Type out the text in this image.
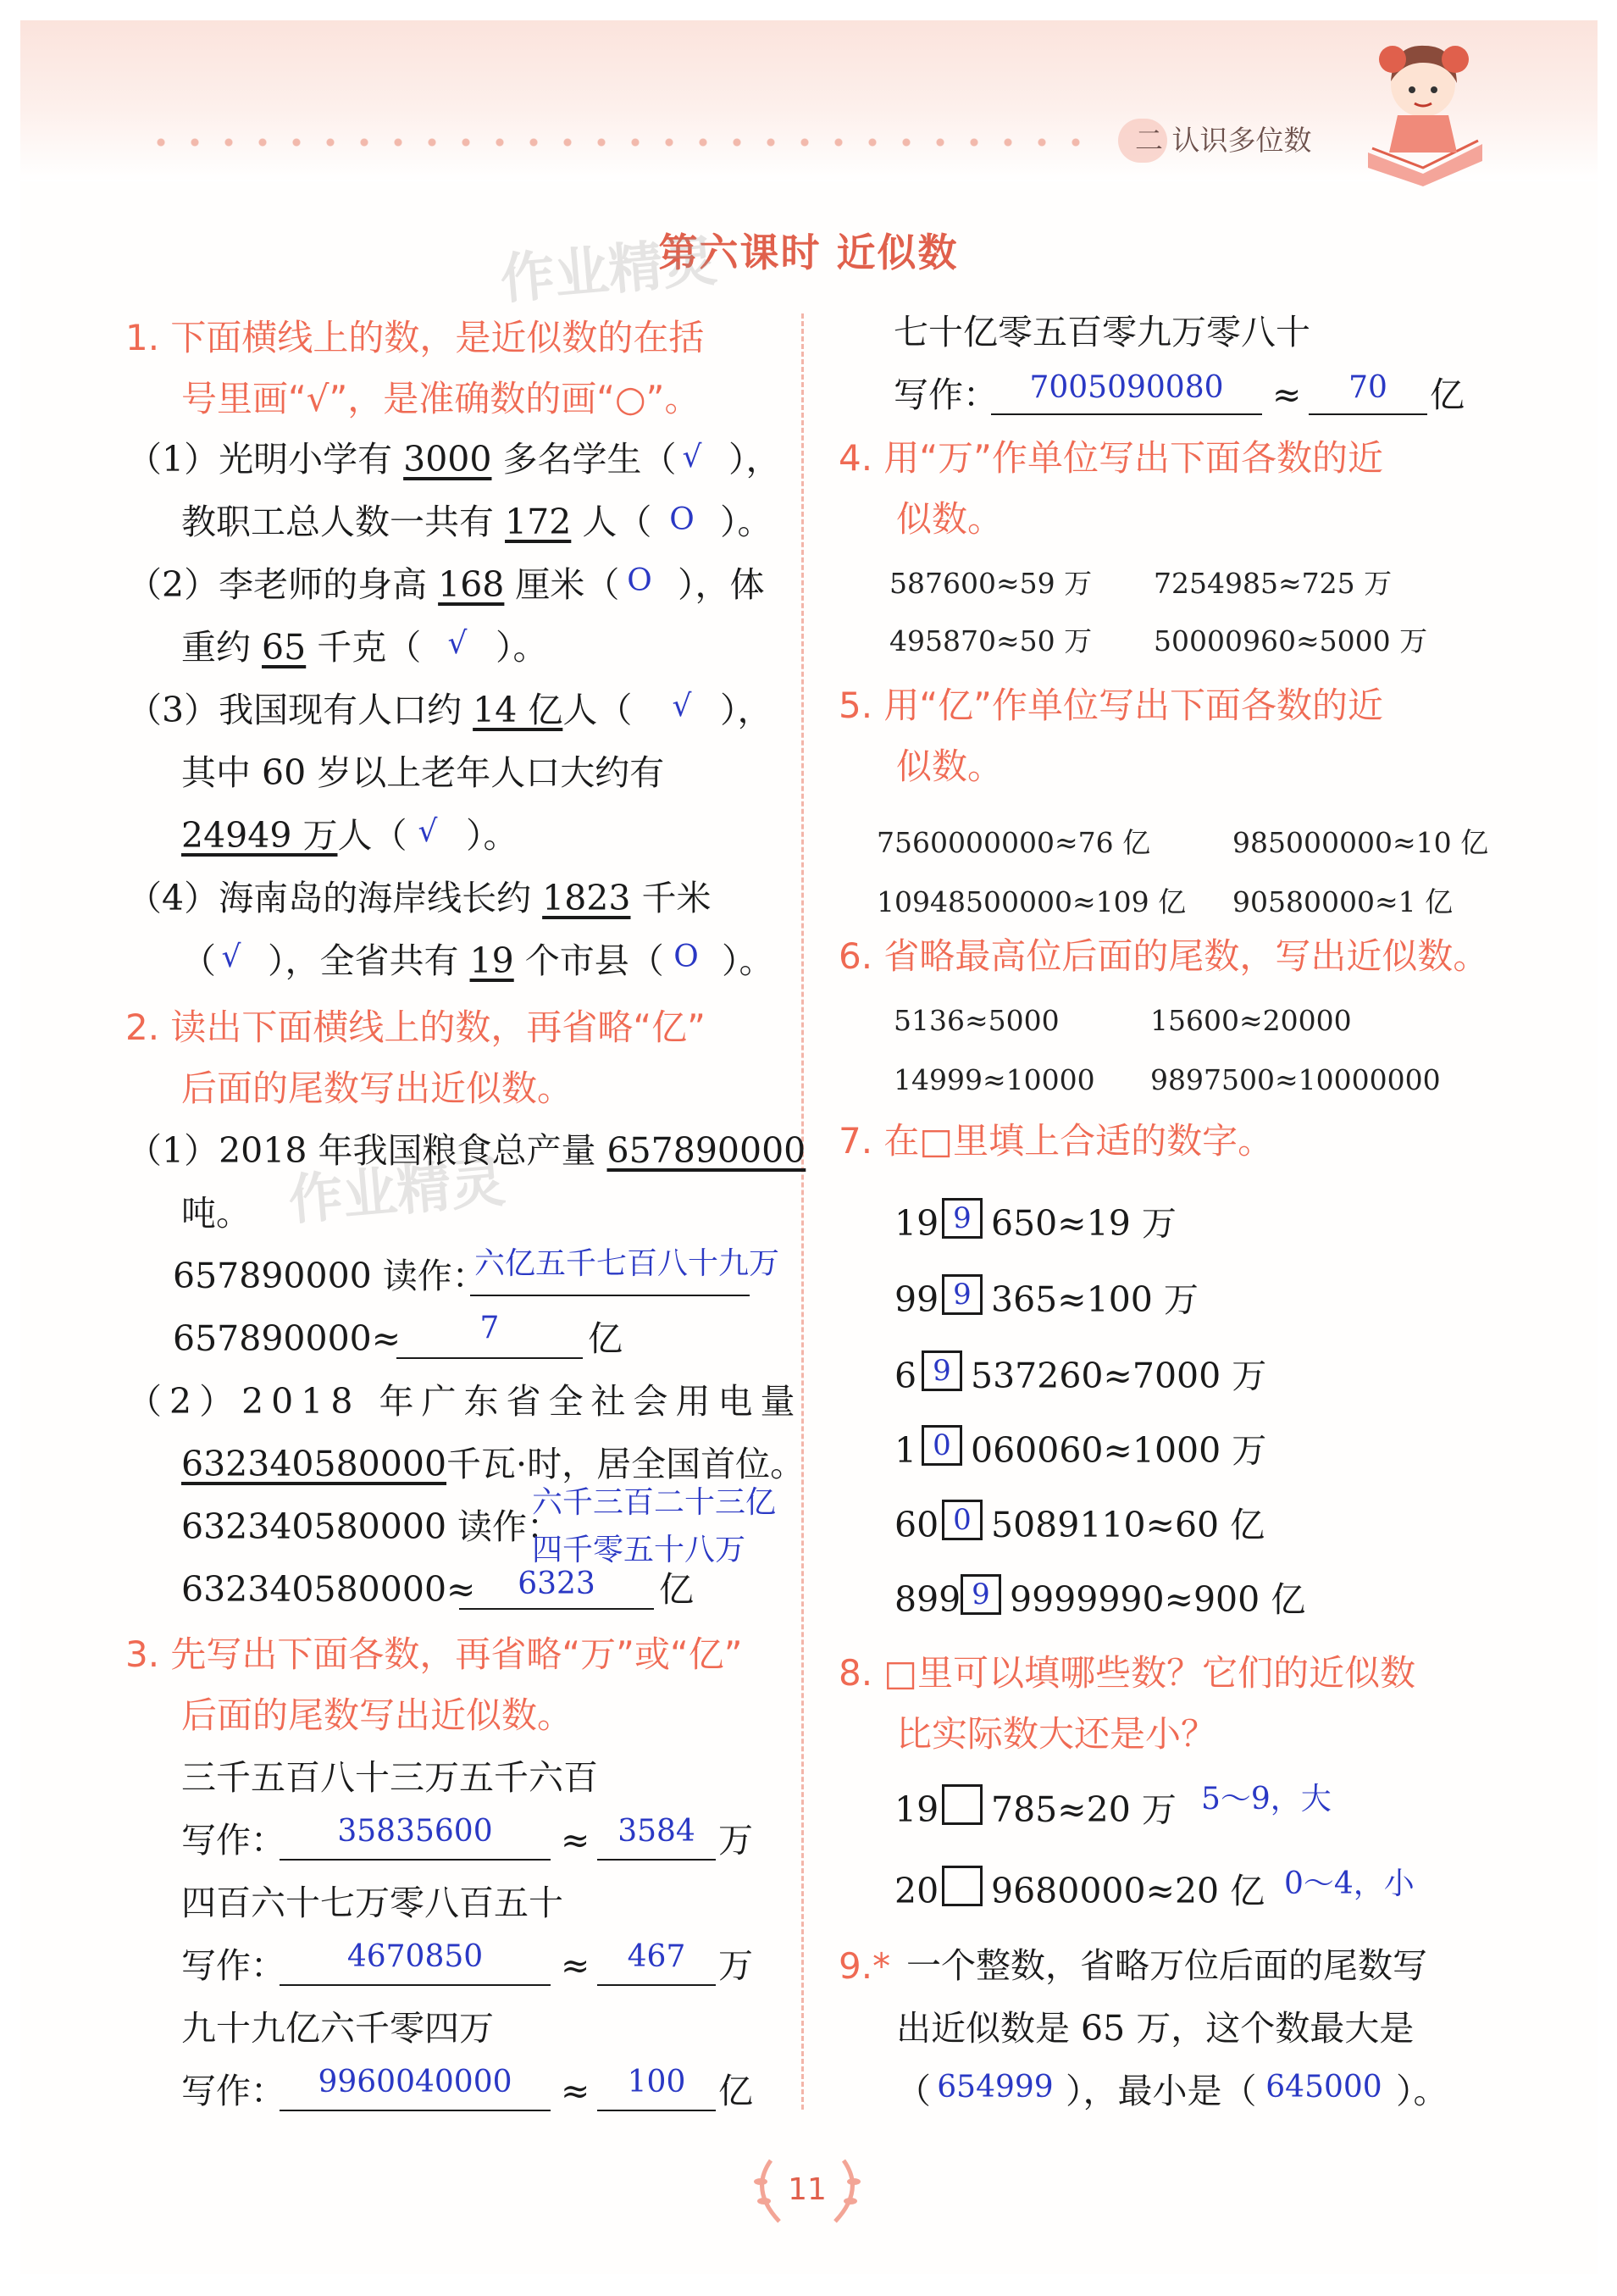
二 认识多位数
第六课时 近似数
作业精灵
作业精灵
1. 下面横线上的数，是近似数的在括
号里画“√”，是准确数的画“○”。
（1）光明小学有 3000 多名学生（ √ ），
教职工总人数一共有 172 人（ O ）。
（2）李老师的身高 168 厘米（ O ），体
重约 65 千克（ √ ）。
（3）我国现有人口约 14 亿人（	√ ），
其中 60 岁以上老年人口大约有
24949 万人（ √ ）。
（4）海南岛的海岸线长约 1823 千米
（ √ ），全省共有 19 个市县（ O ）。
2. 读出下面横线上的数，再省略“亿”
后面的尾数写出近似数。
（1）2018 年我国粮食总产量 657890000
吨。
657890000 读作：
六亿五千七百八十九万
657890000≈	7	亿
（2）2018 年广东省全社会用电量
632340580000千瓦·时，居全国首位。
632340580000 读作：
六千三百二十三亿
四千零五十八万
632340580000≈	6323	亿
3. 先写出下面各数，再省略“万”或“亿”
后面的尾数写出近似数。
三千五百八十三万五千六百
写作：	35835600	≈ 3584 万
四百六十七万零八百五十
写作：	4670850	≈	467 万
九十九亿六千零四万
写作：	9960040000	≈	100 亿
七十亿零五百零九万零八十
写作：	7005090080	≈	70	亿
4. 用“万”作单位写出下面各数的近
似数。
587600≈59 万 7254985≈725 万
495870≈50 万 50000960≈5000 万
5. 用“亿”作单位写出下面各数的近
似数。
7560000000≈76 亿	985000000≈10 亿
10948500000≈109 亿 90580000≈1 亿
6. 省略最高位后面的尾数，写出近似数。
5136≈5000	15600≈20000
14999≈10000 9897500≈10000000
7. 在□里填上合适的数字。
19 9 650≈19 万
99 9 365≈100 万
6 9 537260≈7000 万
1 0 060060≈1000 万
60 0 5089110≈60 亿
899 9 9999990≈900 亿
8. □里可以填哪些数？它们的近似数
比实际数大还是小？
19 785≈20 万 5～9，大
20 9680000≈20 亿 0～4，小
9.* 一个整数，省略万位后面的尾数写
出近似数是 65 万，这个数最大是
（ 654999 ），最小是（ 645000 ）。
11
